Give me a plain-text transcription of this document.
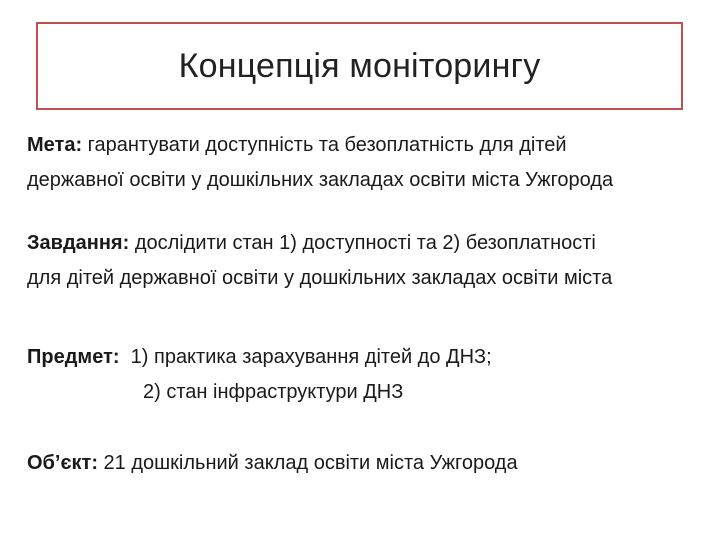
Концепція моніторингу

Мета: гарантувати доступність та безоплатність для дітей
державної освіти у дошкільних закладах освіти міста Ужгорода

Завдання: дослідити стан 1) доступності та 2) безоплатності
для дітей державної освіти у дошкільних закладах освіти міста

Предмет:  1) практика зарахування дітей до ДНЗ;
2) стан інфраструктури ДНЗ

Об’єкт: 21 дошкільний заклад освіти міста Ужгорода
